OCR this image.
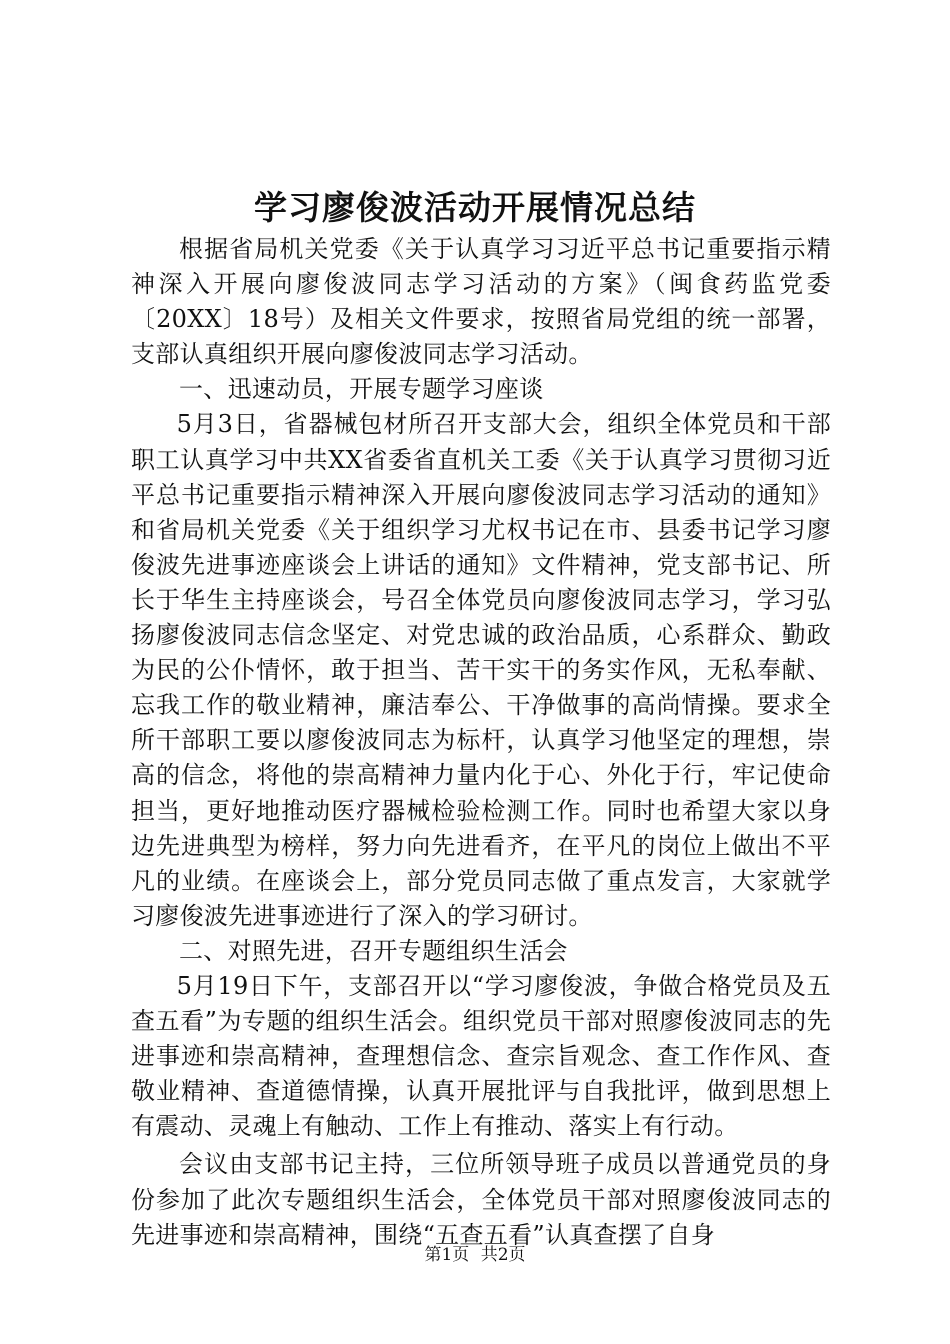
学习廖俊波活动开展情况总结

根据省局机关党委《关于认真学习习近平总书记重要指示精神深入开展向廖俊波同志学习活动的方案》（闽食药监党委〔20XX〕18号）及相关文件要求，按照省局党组的统一部署，支部认真组织开展向廖俊波同志学习活动。

一、迅速动员，开展专题学习座谈

5月3日，省器械包材所召开支部大会，组织全体党员和干部职工认真学习中共XX省委省直机关工委《关于认真学习贯彻习近平总书记重要指示精神深入开展向廖俊波同志学习活动的通知》和省局机关党委《关于组织学习尤权书记在市、县委书记学习廖俊波先进事迹座谈会上讲话的通知》文件精神，党支部书记、所长于华生主持座谈会，号召全体党员向廖俊波同志学习，学习弘扬廖俊波同志信念坚定、对党忠诚的政治品质，心系群众、勤政为民的公仆情怀，敢于担当、苦干实干的务实作风，无私奉献、忘我工作的敬业精神，廉洁奉公、干净做事的高尚情操。要求全所干部职工要以廖俊波同志为标杆，认真学习他坚定的理想，崇高的信念，将他的崇高精神力量内化于心、外化于行，牢记使命担当，更好地推动医疗器械检验检测工作。同时也希望大家以身边先进典型为榜样，努力向先进看齐，在平凡的岗位上做出不平凡的业绩。在座谈会上，部分党员同志做了重点发言，大家就学习廖俊波先进事迹进行了深入的学习研讨。

二、对照先进，召开专题组织生活会

5月19日下午，支部召开以“学习廖俊波，争做合格党员及五查五看”为专题的组织生活会。组织党员干部对照廖俊波同志的先进事迹和崇高精神，查理想信念、查宗旨观念、查工作作风、查敬业精神、查道德情操，认真开展批评与自我批评，做到思想上有震动、灵魂上有触动、工作上有推动、落实上有行动。

会议由支部书记主持，三位所领导班子成员以普通党员的身份参加了此次专题组织生活会，全体党员干部对照廖俊波同志的先进事迹和崇高精神，围绕“五查五看”认真查摆了自身

第1页 共2页
